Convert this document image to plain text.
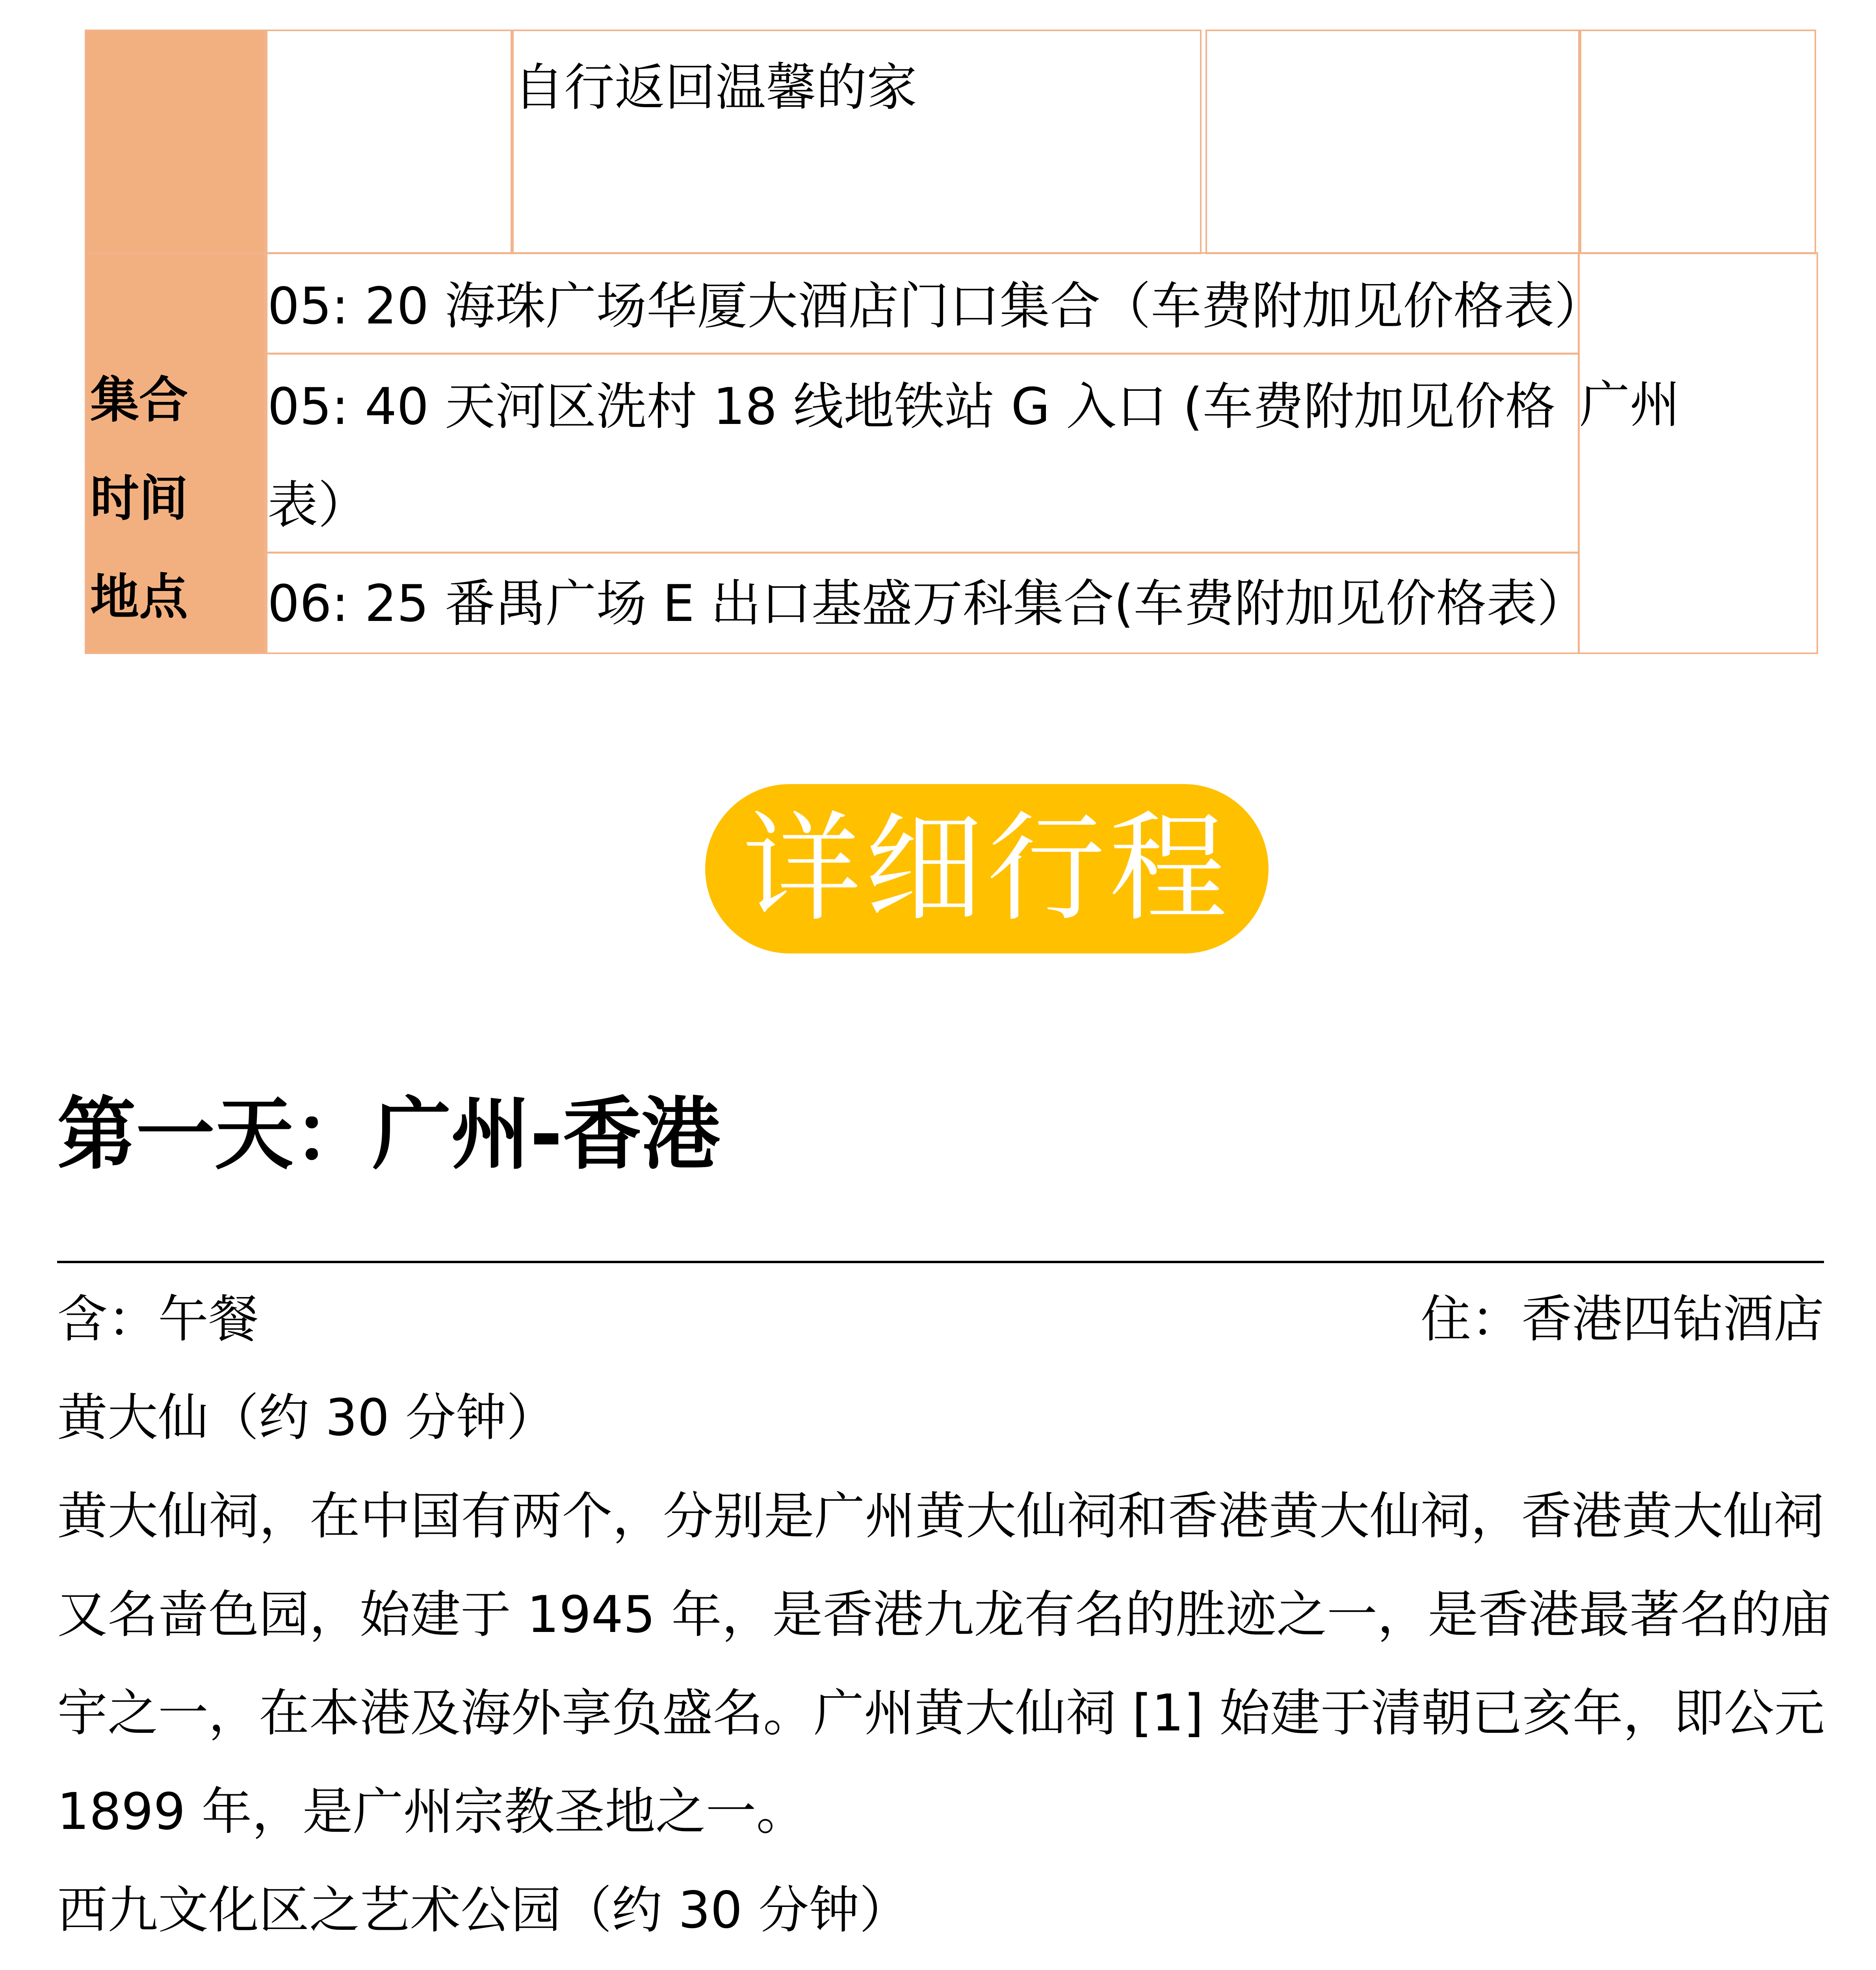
自行返回温馨的家
集合
时间
地点
05: 20 海珠广场华厦大酒店门口集合（车费附加见价格表）
05: 40 天河区洗村 18 线地铁站 G 入口 (车费附加见价格
表）
06: 25 番禺广场 E 出口基盛万科集合(车费附加见价格表）
广州
详细行程
第一天：广州-香港
含：午餐	住：香港四钻酒店
黄大仙（约 30 分钟）
黄大仙祠，在中国有两个，分别是广州黄大仙祠和香港黄大仙祠，香港黄大仙祠
又名啬色园，始建于 1945 年，是香港九龙有名的胜迹之一，是香港最著名的庙
宇之一，在本港及海外享负盛名。广州黄大仙祠 [1] 始建于清朝已亥年，即公元
1899 年，是广州宗教圣地之一。
西九文化区之艺术公园（约 30 分钟）
